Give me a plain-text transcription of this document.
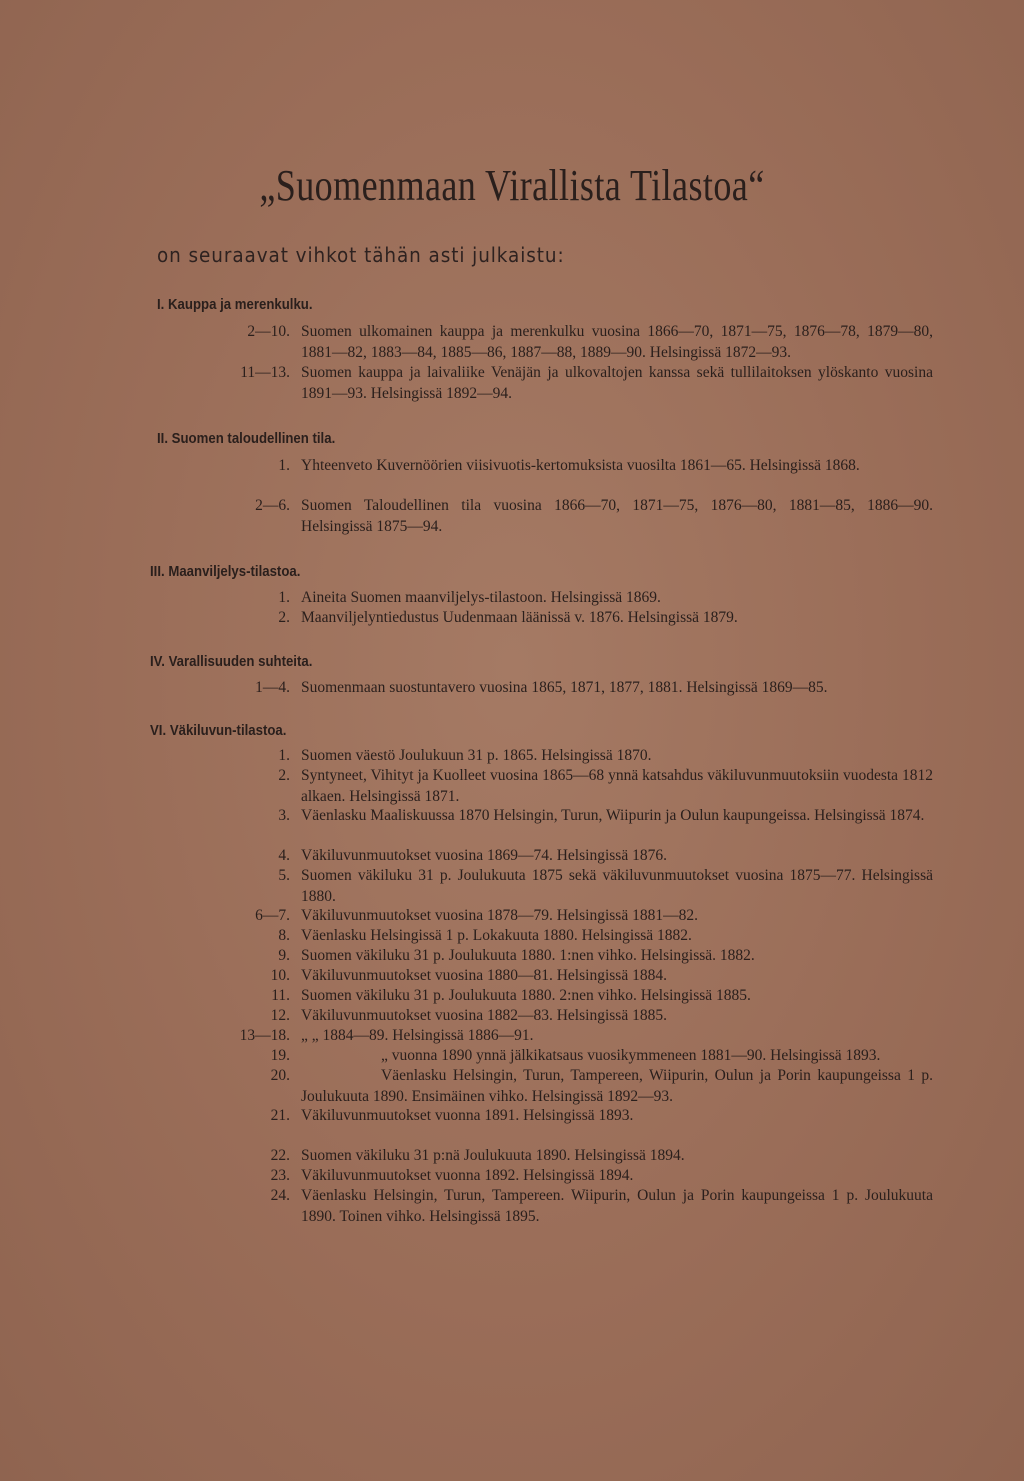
„Suomenmaan Virallista Tilastoa“
on seuraavat vihkot tähän asti julkaistu:
I. Kauppa ja merenkulku.
2—10. Suomen ulkomainen kauppa ja merenkulku vuosina 1866—70, 1871—75, 1876—78, 1879—80, 1881—82, 1883—84, 1885—86, 1887—88, 1889—90. Helsingissä 1872—93.
11—13. Suomen kauppa ja laivaliike Venäjän ja ulkovaltojen kanssa sekä tullilaitoksen ylöskanto vuosina 1891—93. Helsingissä 1892—94.
II. Suomen taloudellinen tila.
1. Yhteenveto Kuvernöörien viisivuotis-kertomuksista vuosilta 1861—65. Helsingissä 1868.
2—6. Suomen Taloudellinen tila vuosina 1866—70, 1871—75, 1876—80, 1881—85, 1886—90. Helsingissä 1875—94.
III. Maanviljelys-tilastoa.
1. Aineita Suomen maanviljelys-tilastoon. Helsingissä 1869.
2. Maanviljelyntiedustus Uudenmaan läänissä v. 1876. Helsingissä 1879.
IV. Varallisuuden suhteita.
1—4. Suomenmaan suostuntavero vuosina 1865, 1871, 1877, 1881. Helsingissä 1869—85.
VI. Väkiluvun-tilastoa.
1. Suomen väestö Joulukuun 31 p. 1865. Helsingissä 1870.
2. Syntyneet, Vihityt ja Kuolleet vuosina 1865—68 ynnä katsahdus väkiluvunmuutoksiin vuodesta 1812 alkaen. Helsingissä 1871.
3. Väenlasku Maaliskuussa 1870 Helsingin, Turun, Wiipurin ja Oulun kaupungeissa. Helsingissä 1874.
4. Väkiluvunmuutokset vuosina 1869—74. Helsingissä 1876.
5. Suomen väkiluku 31 p. Joulukuuta 1875 sekä väkiluvunmuutokset vuosina 1875—77. Helsingissä 1880.
6—7. Väkiluvunmuutokset vuosina 1878—79. Helsingissä 1881—82.
8. Väenlasku Helsingissä 1 p. Lokakuuta 1880. Helsingissä 1882.
9. Suomen väkiluku 31 p. Joulukuuta 1880. 1:nen vihko. Helsingissä. 1882.
10. Väkiluvunmuutokset vuosina 1880—81. Helsingissä 1884.
11. Suomen väkiluku 31 p. Joulukuuta 1880. 2:nen vihko. Helsingissä 1885.
12. Väkiluvunmuutokset vuosina 1882—83. Helsingissä 1885.
13—18. „ „ 1884—89. Helsingissä 1886—91.
19.	„ vuonna 1890 ynnä jälkikatsaus vuosikymmeneen 1881—90. Helsingissä 1893.
20.	Väenlasku Helsingin, Turun, Tampereen, Wiipurin, Oulun ja Porin kaupungeissa 1 p. Joulukuuta 1890. Ensimäinen vihko. Helsingissä 1892—93.
21. Väkiluvunmuutokset vuonna 1891. Helsingissä 1893.
22. Suomen väkiluku 31 p:nä Joulukuuta 1890. Helsingissä 1894.
23. Väkiluvunmuutokset vuonna 1892. Helsingissä 1894.
24. Väenlasku Helsingin, Turun, Tampereen. Wiipurin, Oulun ja Porin kaupungeissa 1 p. Joulukuuta 1890. Toinen vihko. Helsingissä 1895.
